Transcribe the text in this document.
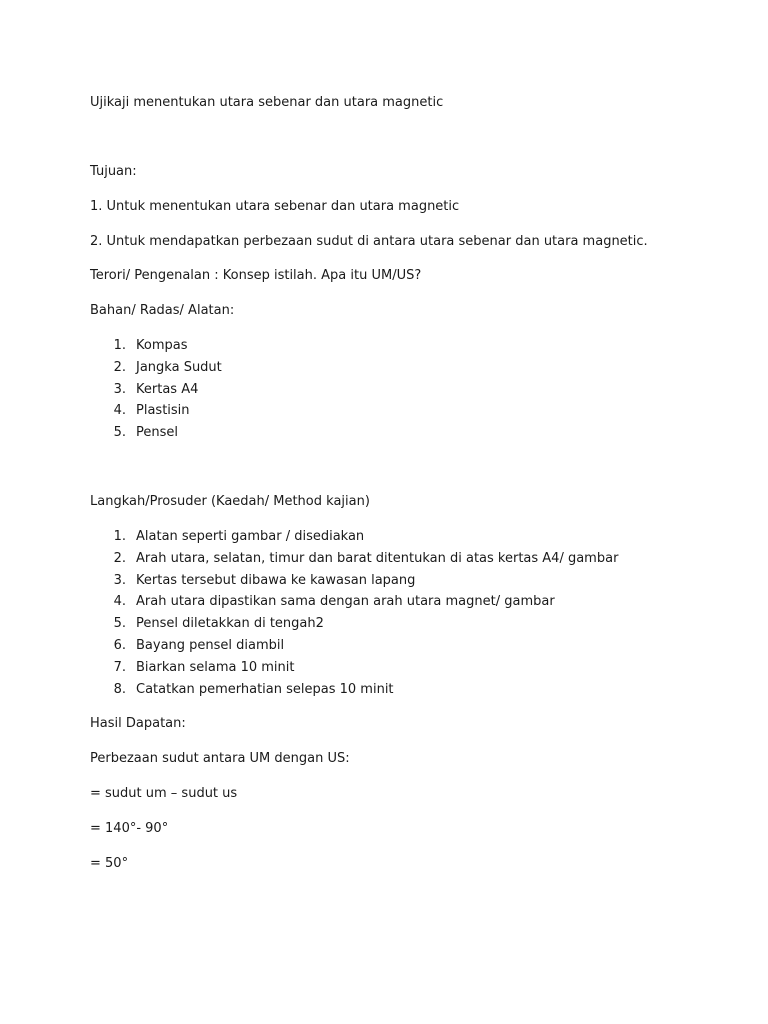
Ujikaji menentukan utara sebenar dan utara magnetic
Tujuan:
1. Untuk menentukan utara sebenar dan utara magnetic
2. Untuk mendapatkan perbezaan sudut di antara utara sebenar dan utara magnetic.
Terori/ Pengenalan : Konsep istilah. Apa itu UM/US?
Bahan/ Radas/ Alatan:
1. Kompas
2. Jangka Sudut
3. Kertas A4
4. Plastisin
5. Pensel
Langkah/Prosuder (Kaedah/ Method kajian)
1. Alatan seperti gambar / disediakan
2. Arah utara, selatan, timur dan barat ditentukan di atas kertas A4/ gambar
3. Kertas tersebut dibawa ke kawasan lapang
4. Arah utara dipastikan sama dengan arah utara magnet/ gambar
5. Pensel diletakkan di tengah2
6. Bayang pensel diambil
7. Biarkan selama 10 minit
8. Catatkan pemerhatian selepas 10 minit
Hasil Dapatan:
Perbezaan sudut antara UM dengan US:
= sudut um – sudut us
= 140°- 90°
= 50°
